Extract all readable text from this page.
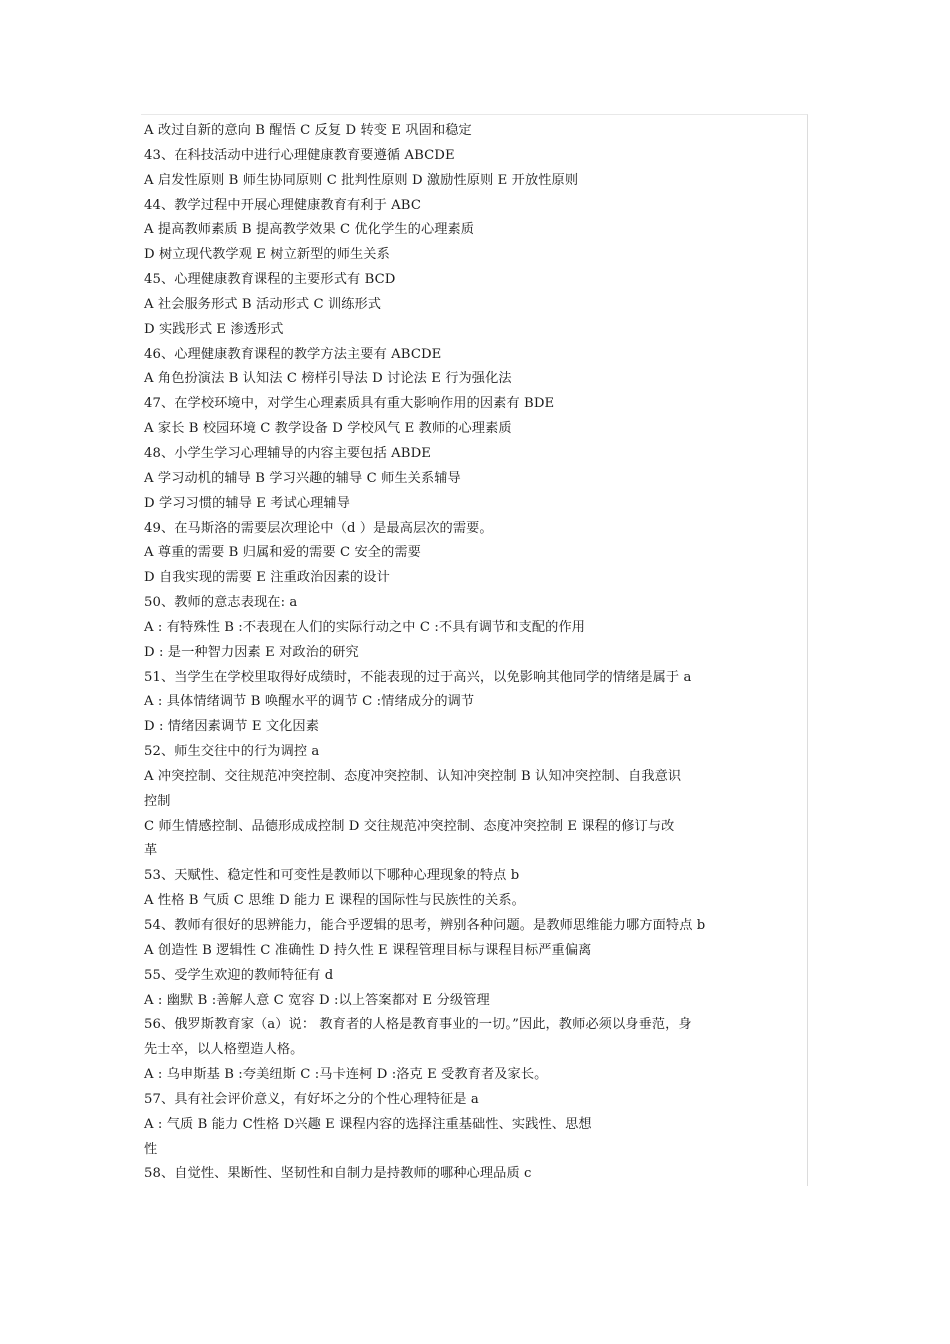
A 改过自新的意向 B 醒悟 C 反复 D 转变 E 巩固和稳定
43、在科技活动中进行心理健康教育要遵循 ABCDE
A 启发性原则 B 师生协同原则 C 批判性原则 D 激励性原则 E 开放性原则
44、教学过程中开展心理健康教育有利于 ABC
A 提高教师素质 B 提高教学效果 C 优化学生的心理素质
D 树立现代教学观 E 树立新型的师生关系
45、心理健康教育课程的主要形式有 BCD
A 社会服务形式 B 活动形式 C 训练形式
D 实践形式 E 渗透形式
46、心理健康教育课程的教学方法主要有 ABCDE
A 角色扮演法 B 认知法 C 榜样引导法 D 讨论法 E 行为强化法
47、在学校环境中，对学生心理素质具有重大影响作用的因素有 BDE
A 家长 B 校园环境 C 教学设备 D 学校风气 E 教师的心理素质
48、小学生学习心理辅导的内容主要包括 ABDE
A 学习动机的辅导 B 学习兴趣的辅导 C 师生关系辅导
D 学习习惯的辅导 E 考试心理辅导
49、在马斯洛的需要层次理论中（d ）是最高层次的需要。
A 尊重的需要 B 归属和爱的需要 C 安全的需要
D 自我实现的需要 E 注重政治因素的设计
50、教师的意志表现在: a
A : 有特殊性 B :不表现在人们的实际行动之中 C :不具有调节和支配的作用
D : 是一种智力因素 E 对政治的研究
51、当学生在学校里取得好成绩时，不能表现的过于高兴，以免影响其他同学的情绪是属于 a
A : 具体情绪调节 B 唤醒水平的调节 C :情绪成分的调节
D : 情绪因素调节 E 文化因素
52、师生交往中的行为调控 a
A 冲突控制、交往规范冲突控制、态度冲突控制、认知冲突控制 B 认知冲突控制、自我意识
控制
C 师生情感控制、品德形成成控制 D 交往规范冲突控制、态度冲突控制 E 课程的修订与改
革
53、天赋性、稳定性和可变性是教师以下哪种心理现象的特点 b
A 性格 B 气质 C 思维 D 能力 E 课程的国际性与民族性的关系。
54、教师有很好的思辨能力，能合乎逻辑的思考，辨别各种问题。是教师思维能力哪方面特点 b
A 创造性 B 逻辑性 C 准确性 D 持久性 E 课程管理目标与课程目标严重偏离
55、受学生欢迎的教师特征有 d
A : 幽默 B :善解人意 C 宽容 D :以上答案都对 E 分级管理
56、俄罗斯教育家（a）说： 教育者的人格是教育事业的一切。”因此，教师必须以身垂范，身
先士卒，以人格塑造人格。
A : 乌申斯基 B :夸美纽斯 C :马卡连柯 D :洛克 E 受教育者及家长。
57、具有社会评价意义，有好坏之分的个性心理特征是 a
A : 气质 B 能力 C性格 D兴趣 E 课程内容的选择注重基础性、实践性、思想
性
58、自觉性、果断性、坚韧性和自制力是持教师的哪种心理品质 c
